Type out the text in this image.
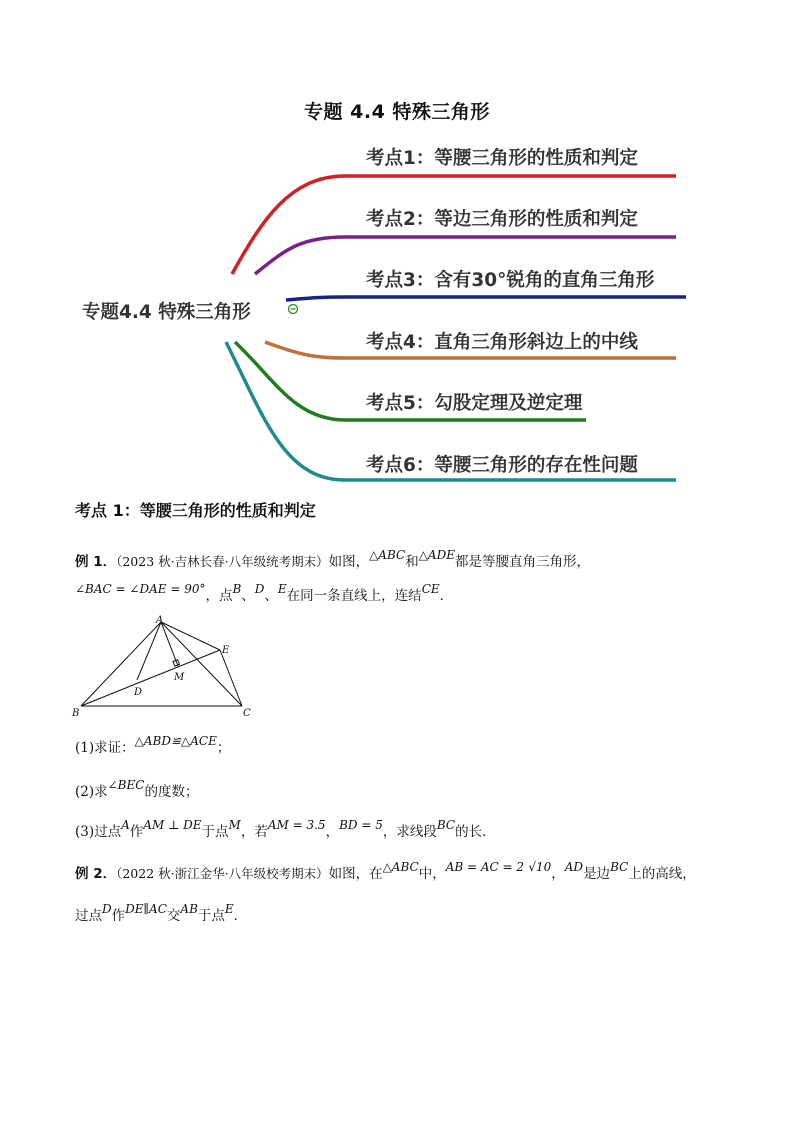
专题 4.4 特殊三角形
专题4.4 特殊三角形
考点1：等腰三角形的性质和判定
考点2：等边三角形的性质和判定
考点3：含有30°锐角的直角三角形
考点4：直角三角形斜边上的中线
考点5：勾股定理及逆定理
考点6：等腰三角形的存在性问题
考点 1：等腰三角形的性质和判定
例 1．（2023 秋·吉林长春·八年级统考期末）如图，△ABC和△ADE都是等腰直角三角形，
∠BAC = ∠DAE = 90°，点B、D、E在同一条直线上，连结CE．
A
B	C
D
E
M
(1)求证：△ABD≌△ACE；
(2)求∠BEC的度数；
(3)过点A作AM ⊥ DE于点M，若AM = 3.5，BD = 5，求线段BC的长．
例 2．（2022 秋·浙江金华·八年级校考期末）如图，在△ABC中，AB = AC = 2 √10，AD是边BC上的高线，
过点D作DE∥AC交AB于点E．
